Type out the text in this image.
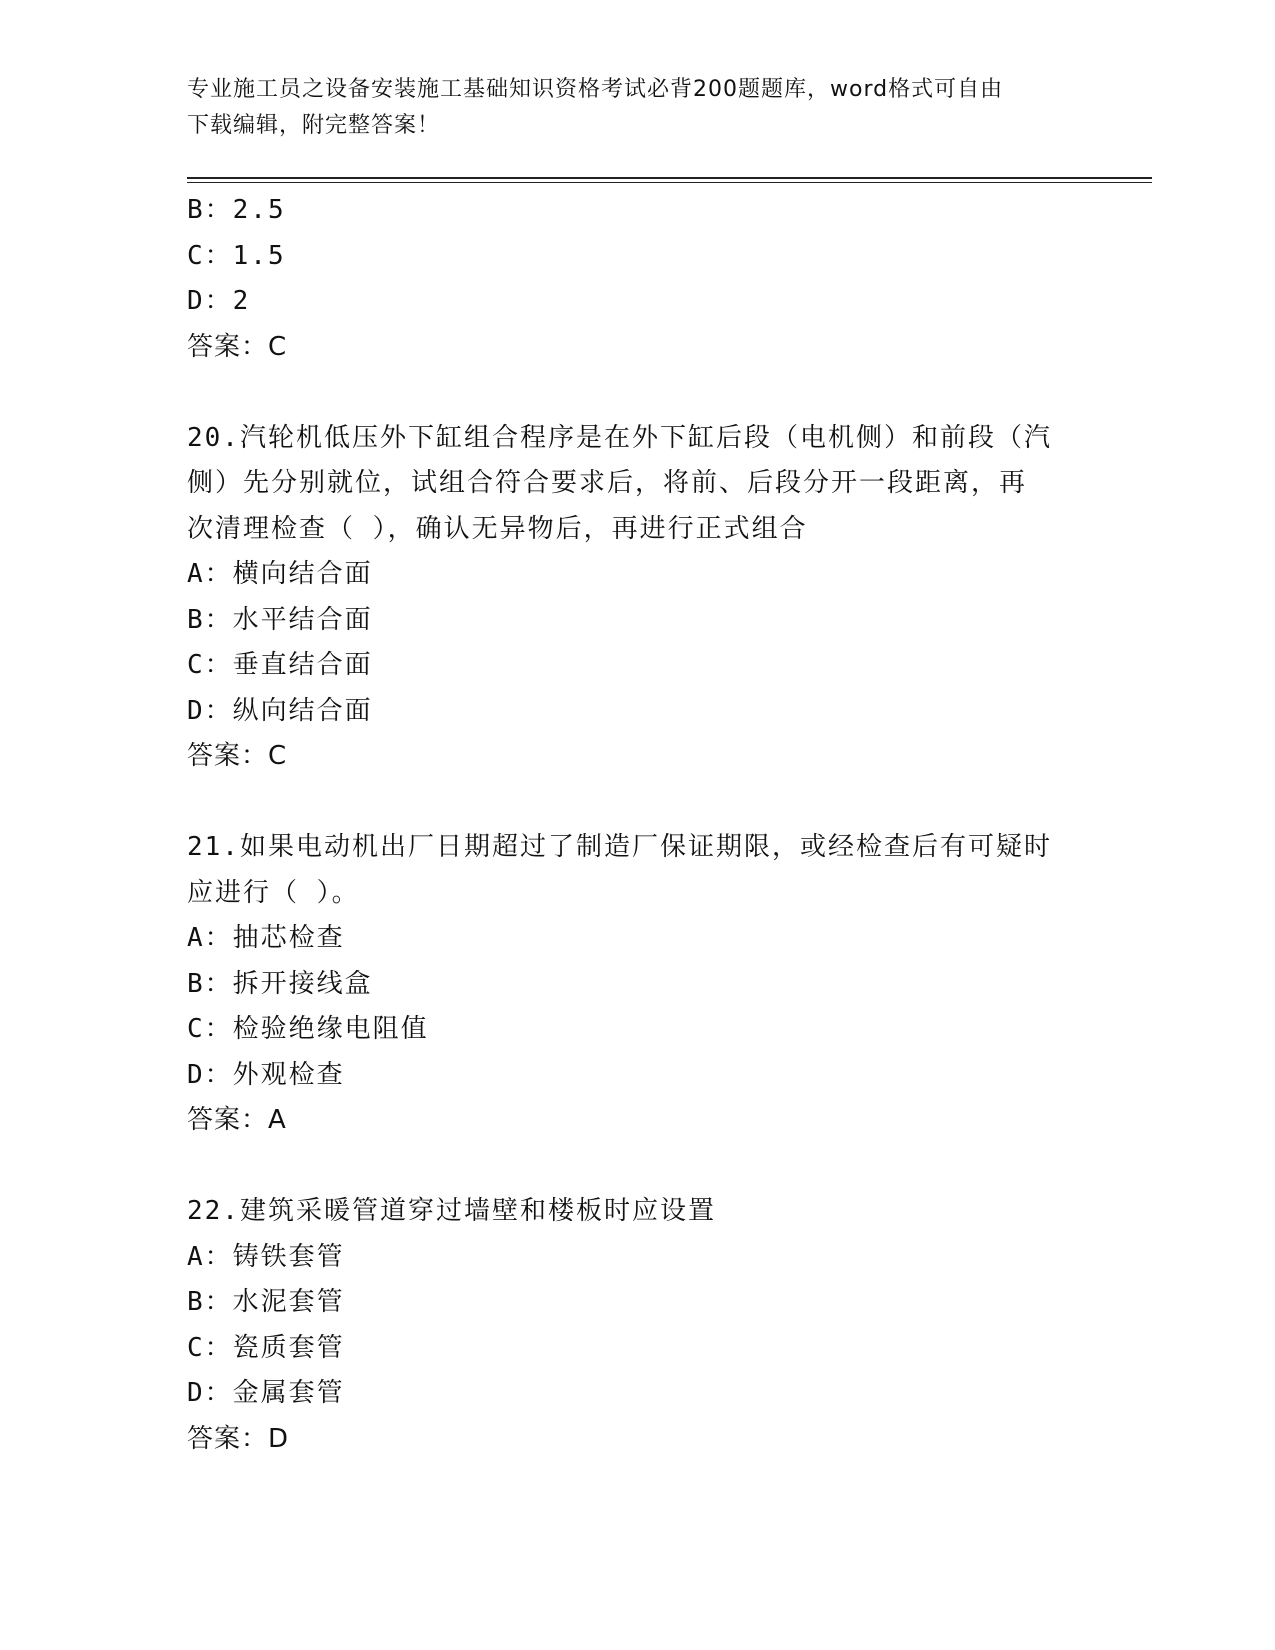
专业施工员之设备安装施工基础知识资格考试必背200题题库，word格式可自由
下载编辑，附完整答案！

B：2.5

C：1.5

D：2

答案：C

20.汽轮机低压外下缸组合程序是在外下缸后段（电机侧）和前段（汽

侧）先分别就位，试组合符合要求后，将前、后段分开一段距离，再

次清理检查（ ），确认无异物后，再进行正式组合

A：横向结合面

B：水平结合面

C：垂直结合面

D：纵向结合面

答案：C

21.如果电动机出厂日期超过了制造厂保证期限，或经检查后有可疑时

应进行（ ）。

A：抽芯检查

B：拆开接线盒

C：检验绝缘电阻值

D：外观检查

答案：A

22.建筑采暖管道穿过墙壁和楼板时应设置

A：铸铁套管

B：水泥套管

C：瓷质套管

D：金属套管

答案：D
